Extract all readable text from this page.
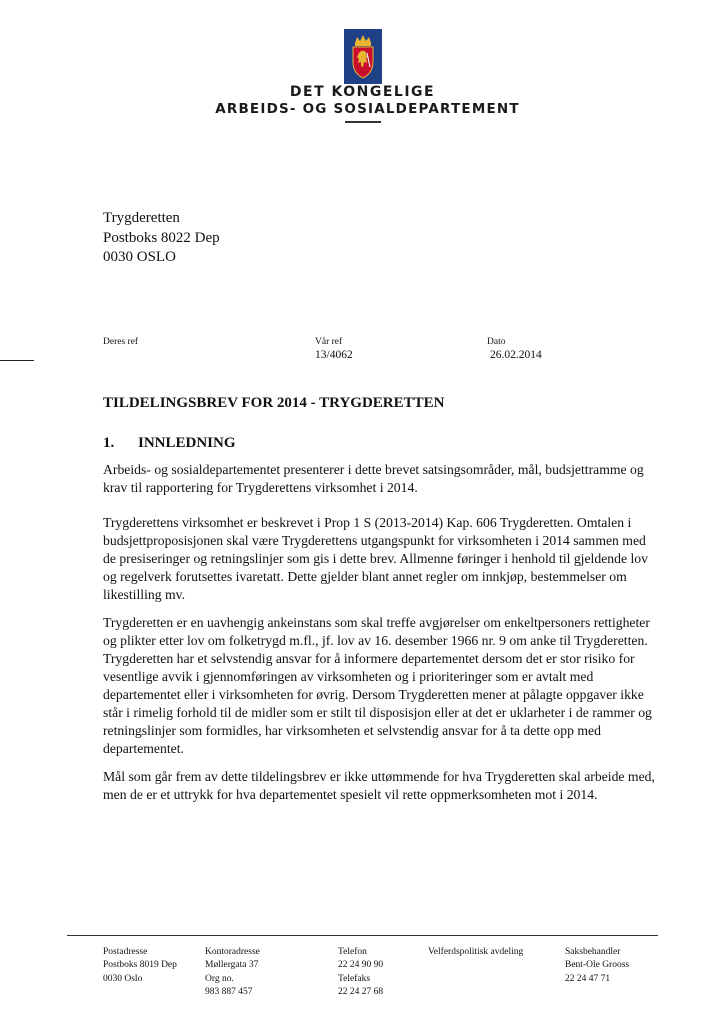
DET KONGELIGE
ARBEIDS- OG SOSIALDEPARTEMENT
Trygderetten
Postboks 8022 Dep
0030 OSLO
Deres ref	Vår ref
13/4062
Dato
26.02.2014
TILDELINGSBREV FOR 2014 - TRYGDERETTEN
1. INNLEDNING
Arbeids- og sosialdepartementet presenterer i dette brevet satsingsområder, mål, budsjettramme og krav til rapportering for Trygderettens virksomhet i 2014.
Trygderettens virksomhet er beskrevet i Prop 1 S (2013-2014) Kap. 606 Trygderetten. Omtalen i budsjettproposisjonen skal være Trygderettens utgangspunkt for virksomheten i 2014 sammen med de presiseringer og retningslinjer som gis i dette brev. Allmenne føringer i henhold til gjeldende lov og regelverk forutsettes ivaretatt. Dette gjelder blant annet regler om innkjøp, bestemmelser om likestilling mv.
Trygderetten er en uavhengig ankeinstans som skal treffe avgjørelser om enkeltpersoners rettigheter og plikter etter lov om folketrygd m.fl., jf. lov av 16. desember 1966 nr. 9 om anke til Trygderetten. Trygderetten har et selvstendig ansvar for å informere departementet dersom det er stor risiko for vesentlige avvik i gjennomføringen av virksomheten og i prioriteringer som er avtalt med departementet eller i virksomheten for øvrig. Dersom Trygderetten mener at pålagte oppgaver ikke står i rimelig forhold til de midler som er stilt til disposisjon eller at det er uklarheter i de rammer og retningslinjer som formidles, har virksomheten et selvstendig ansvar for å ta dette opp med departementet.
Mål som går frem av dette tildelingsbrev er ikke uttømmende for hva Trygderetten skal arbeide med, men de er et uttrykk for hva departementet spesielt vil rette oppmerksomheten mot i 2014.
Postadresse
Postboks 8019 Dep
0030 Oslo
Kontoradresse
Møllergata 37
Org no.
983 887 457
Telefon
22 24 90 90
Telefaks
22 24 27 68
Velferdspolitisk avdeling	Saksbehandler
Bent-Ole Grooss
22 24 47 71
